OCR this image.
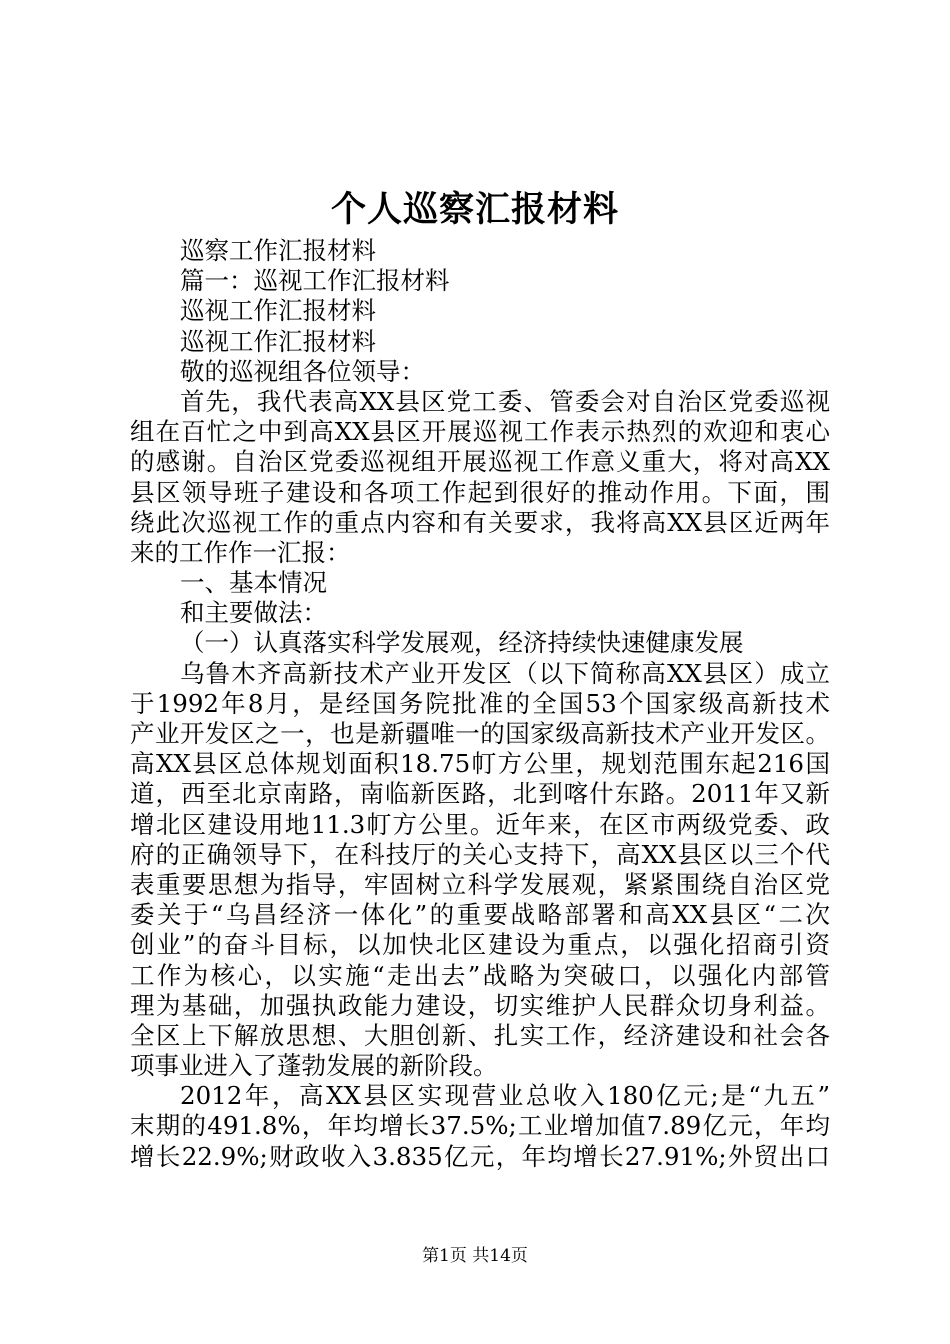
个人巡察汇报材料
巡察工作汇报材料
篇一：巡视工作汇报材料
巡视工作汇报材料
巡视工作汇报材料
敬的巡视组各位领导：
首先，我代表高XX县区党工委、管委会对自治区党委巡视
组在百忙之中到高XX县区开展巡视工作表示热烈的欢迎和衷心
的感谢。自治区党委巡视组开展巡视工作意义重大，将对高XX
县区领导班子建设和各项工作起到很好的推动作用。下面，围
绕此次巡视工作的重点内容和有关要求，我将高XX县区近两年
来的工作作一汇报：
一、基本情况
和主要做法：
（一）认真落实科学发展观，经济持续快速健康发展
乌鲁木齐高新技术产业开发区（以下简称高XX县区）成立
于1992年8月，是经国务院批准的全国53个国家级高新技术
产业开发区之一，也是新疆唯一的国家级高新技术产业开发区。
高XX县区总体规划面积18.75帄方公里，规划范围东起216国
道，西至北京南路，南临新医路，北到喀什东路。2011年又新
增北区建设用地11.3帄方公里。近年来，在区市两级党委、政
府的正确领导下，在科技厅的关心支持下，高XX县区以三个代
表重要思想为指导，牢固树立科学发展观，紧紧围绕自治区党
委关于“乌昌经济一体化”的重要战略部署和高XX县区“二次
创业”的奋斗目标，以加快北区建设为重点，以强化招商引资
工作为核心，以实施“走出去”战略为突破口，以强化内部管
理为基础，加强执政能力建设，切实维护人民群众切身利益。
全区上下解放思想、大胆创新、扎实工作，经济建设和社会各
项事业进入了蓬勃发展的新阶段。
2012年，高XX县区实现营业总收入180亿元;是“九五”
末期的491.8%，年均增长37.5%;工业增加值7.89亿元，年均
增长22.9%;财政收入3.835亿元，年均增长27.91%;外贸出口
第1页 共14页
